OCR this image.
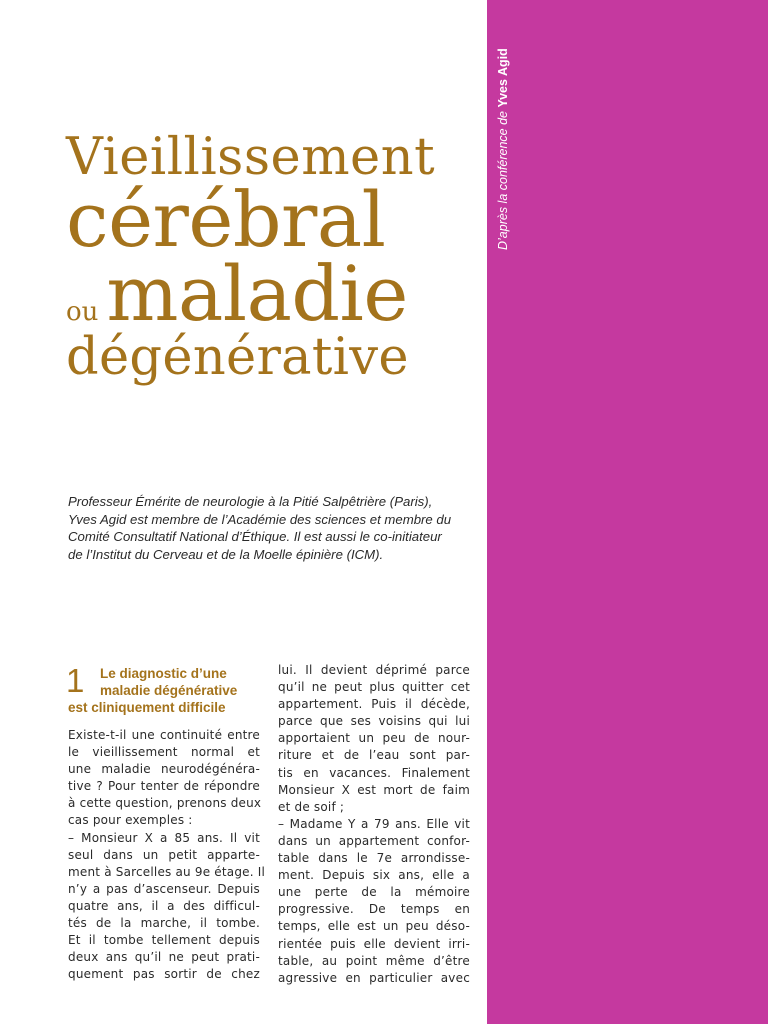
D’après la conférence de Yves Agid
Vieillissement
cérébral
ou maladie
dégénérative
Professeur Émérite de neurologie à la Pitié Salpêtrière (Paris),
Yves Agid est membre de l’Académie des sciences et membre du
Comité Consultatif National d’Éthique. Il est aussi le co-initiateur
de l’Institut du Cerveau et de la Moelle épinière (ICM).
1	Le diagnostic d’une
maladie dégénérative
est cliniquement difficile
Existe-t-il une continuité entre
le vieillissement normal et
une maladie neurodégénéra-
tive ? Pour tenter de répondre
à cette question, prenons deux
cas pour exemples :
– Monsieur X a 85 ans. Il vit
seul dans un petit apparte-
ment à Sarcelles au 9e étage. Il
n’y a pas d’ascenseur. Depuis
quatre ans, il a des difficul-
tés de la marche, il tombe.
Et il tombe tellement depuis
deux ans qu’il ne peut prati-
quement pas sortir de chez
lui. Il devient déprimé parce
qu’il ne peut plus quitter cet
appartement. Puis il décède,
parce que ses voisins qui lui
apportaient un peu de nour-
riture et de l’eau sont par-
tis en vacances. Finalement
Monsieur X est mort de faim
et de soif ;
– Madame Y a 79 ans. Elle vit
dans un appartement confor-
table dans le 7e arrondisse-
ment. Depuis six ans, elle a
une perte de la mémoire
progressive. De temps en
temps, elle est un peu déso-
rientée puis elle devient irri-
table, au point même d’être
agressive en particulier avec
